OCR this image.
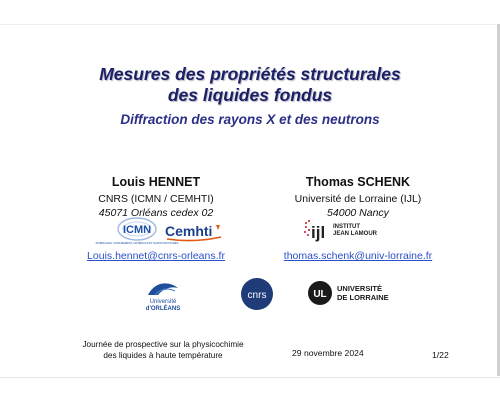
Mesures des propriétés structurales
des liquides fondus
Diffraction des rayons X et des neutrons
Louis HENNET
CNRS (ICMN / CEMHTI)
45071 Orléans cedex 02
Louis.hennet@cnrs-orleans.fr
Thomas SCHENK
Université de Lorraine (IJL)
54000 Nancy
thomas.schenk@univ-lorraine.fr
ICMN
INTERFACES, CONFINEMENT, MATÉRIAUX ET NANOSTRUCTURES
Cemhti	ijl INSTITUT
JEAN LAMOUR
Université
d'ORLÉANS
cnrs	UL
UNIVERSITÉ
DE LORRAINE
Journée de prospective sur la physicochimie
des liquides à haute température	29 novembre 2024	1/22
